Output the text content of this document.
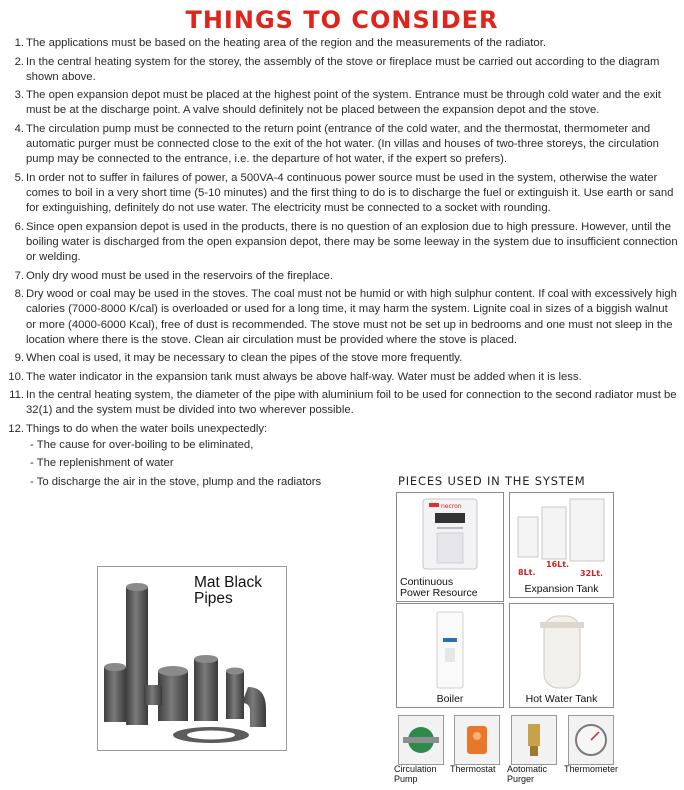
THINGS TO CONSIDER
1. The applications must be based on the heating area of the region and the measurements of the radiator.
2. In the central heating system for the storey, the assembly of the stove or fireplace must be carried out according to the diagram shown above.
3. The open expansion depot must be placed at the highest point of the system. Entrance must be through cold water and the exit must be at the discharge point. A valve should definitely not be placed between the expansion depot and the stove.
4. The circulation pump must be connected to the return point (entrance of the cold water, and the thermostat, thermometer and automatic purger must be connected close to the exit of the hot water. (In villas and houses of two-three storeys, the circulation pump may be connected to the entrance, i.e. the departure of hot water, if the expert so prefers).
5. In order not to suffer in failures of power, a 500VA-4 continuous power source must be used in the system, otherwise the water comes to boil in a very short time (5-10 minutes) and the first thing to do is to discharge the fuel or extinguish it. Use earth or sand for extinguishing, definitely do not use water. The electricity must be connected to a socket with rounding.
6. Since open expansion depot is used in the products, there is no question of an explosion due to high pressure. However, until the boiling water is discharged from the open expansion depot, there may be some leeway in the system due to insufficient connection or welding.
7. Only dry wood must be used in the reservoirs of the fireplace.
8. Dry wood or coal may be used in the stoves. The coal must not be humid or with high sulphur content. If coal with excessively high calories (7000-8000 K/cal) is overloaded or used for a long time, it may harm the system. Lignite coal in sizes of a biggish walnut or more (4000-6000 Kcal), free of dust is recommended. The stove must not be set up in bedrooms and one must not sleep in the location where there is the stove. Clean air circulation must be provided where the stove is placed.
9. When coal is used, it may be necessary to clean the pipes of the stove more frequently.
10. The water indicator in the expansion tank must always be above half-way. Water must be added when it is less.
11. In the central heating system, the diameter of the pipe with aluminium foil to be used for connection to the second radiator must be 32(1) and the system must be divided into two wherever possible.
12. Things to do when the water boils unexpectedly:
- The cause for over-boiling to be eliminated,
- The replenishment of water
- To discharge the air in the stove, plump and the radiators
Mat Black
Pipes
PIECES USED IN THE SYSTEM
necron
Continuous
Power Resource
8Lt.
16Lt.
32Lt.
Expansion Tank
Boiler	Hot Water Tank
Circulation Pump
Thermostat	Aotomatic Purger
Thermometer
